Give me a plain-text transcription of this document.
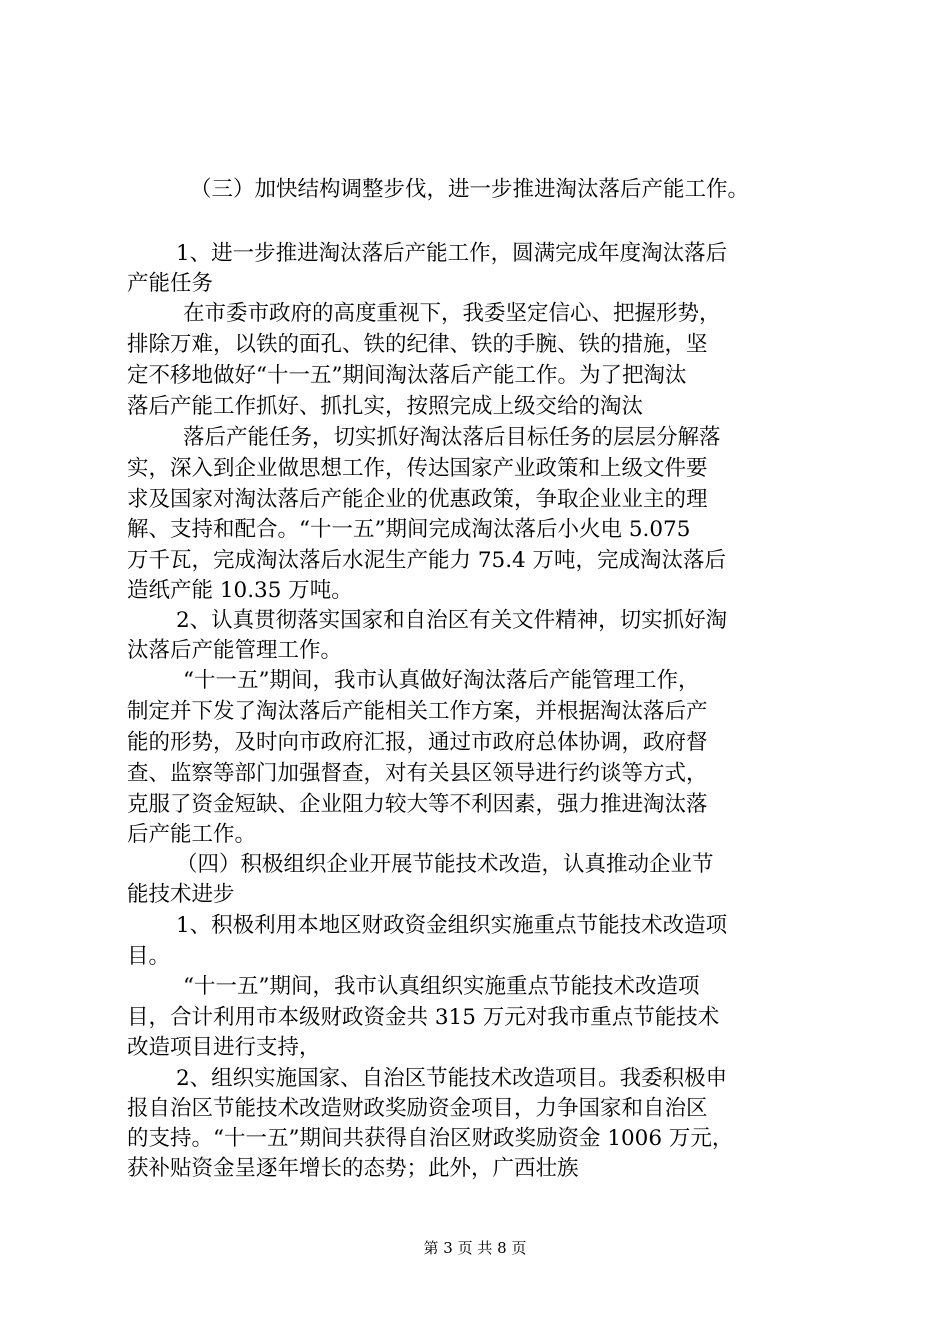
（三）加快结构调整步伐，进一步推进淘汰落后产能工作。

1、进一步推进淘汰落后产能工作，圆满完成年度淘汰落后

产能任务

在市委市政府的高度重视下，我委坚定信心、把握形势，

排除万难，以铁的面孔、铁的纪律、铁的手腕、铁的措施，坚

定不移地做好“十一五”期间淘汰落后产能工作。为了把淘汰

落后产能工作抓好、抓扎实，按照完成上级交给的淘汰

落后产能任务，切实抓好淘汰落后目标任务的层层分解落

实，深入到企业做思想工作，传达国家产业政策和上级文件要

求及国家对淘汰落后产能企业的优惠政策，争取企业业主的理

解、支持和配合。“十一五”期间完成淘汰落后小火电 5.075

万千瓦，完成淘汰落后水泥生产能力 75.4 万吨，完成淘汰落后

造纸产能 10.35 万吨。

2、认真贯彻落实国家和自治区有关文件精神，切实抓好淘

汰落后产能管理工作。

“十一五”期间，我市认真做好淘汰落后产能管理工作，

制定并下发了淘汰落后产能相关工作方案，并根据淘汰落后产

能的形势，及时向市政府汇报，通过市政府总体协调，政府督

查、监察等部门加强督查，对有关县区领导进行约谈等方式，

克服了资金短缺、企业阻力较大等不利因素，强力推进淘汰落

后产能工作。

（四）积极组织企业开展节能技术改造，认真推动企业节

能技术进步

1、积极利用本地区财政资金组织实施重点节能技术改造项

目。

“十一五”期间，我市认真组织实施重点节能技术改造项

目，合计利用市本级财政资金共 315 万元对我市重点节能技术

改造项目进行支持，

2、组织实施国家、自治区节能技术改造项目。我委积极申

报自治区节能技术改造财政奖励资金项目，力争国家和自治区

的支持。“十一五”期间共获得自治区财政奖励资金 1006 万元，

获补贴资金呈逐年增长的态势；此外，广西壮族

第 3 页 共 8 页
